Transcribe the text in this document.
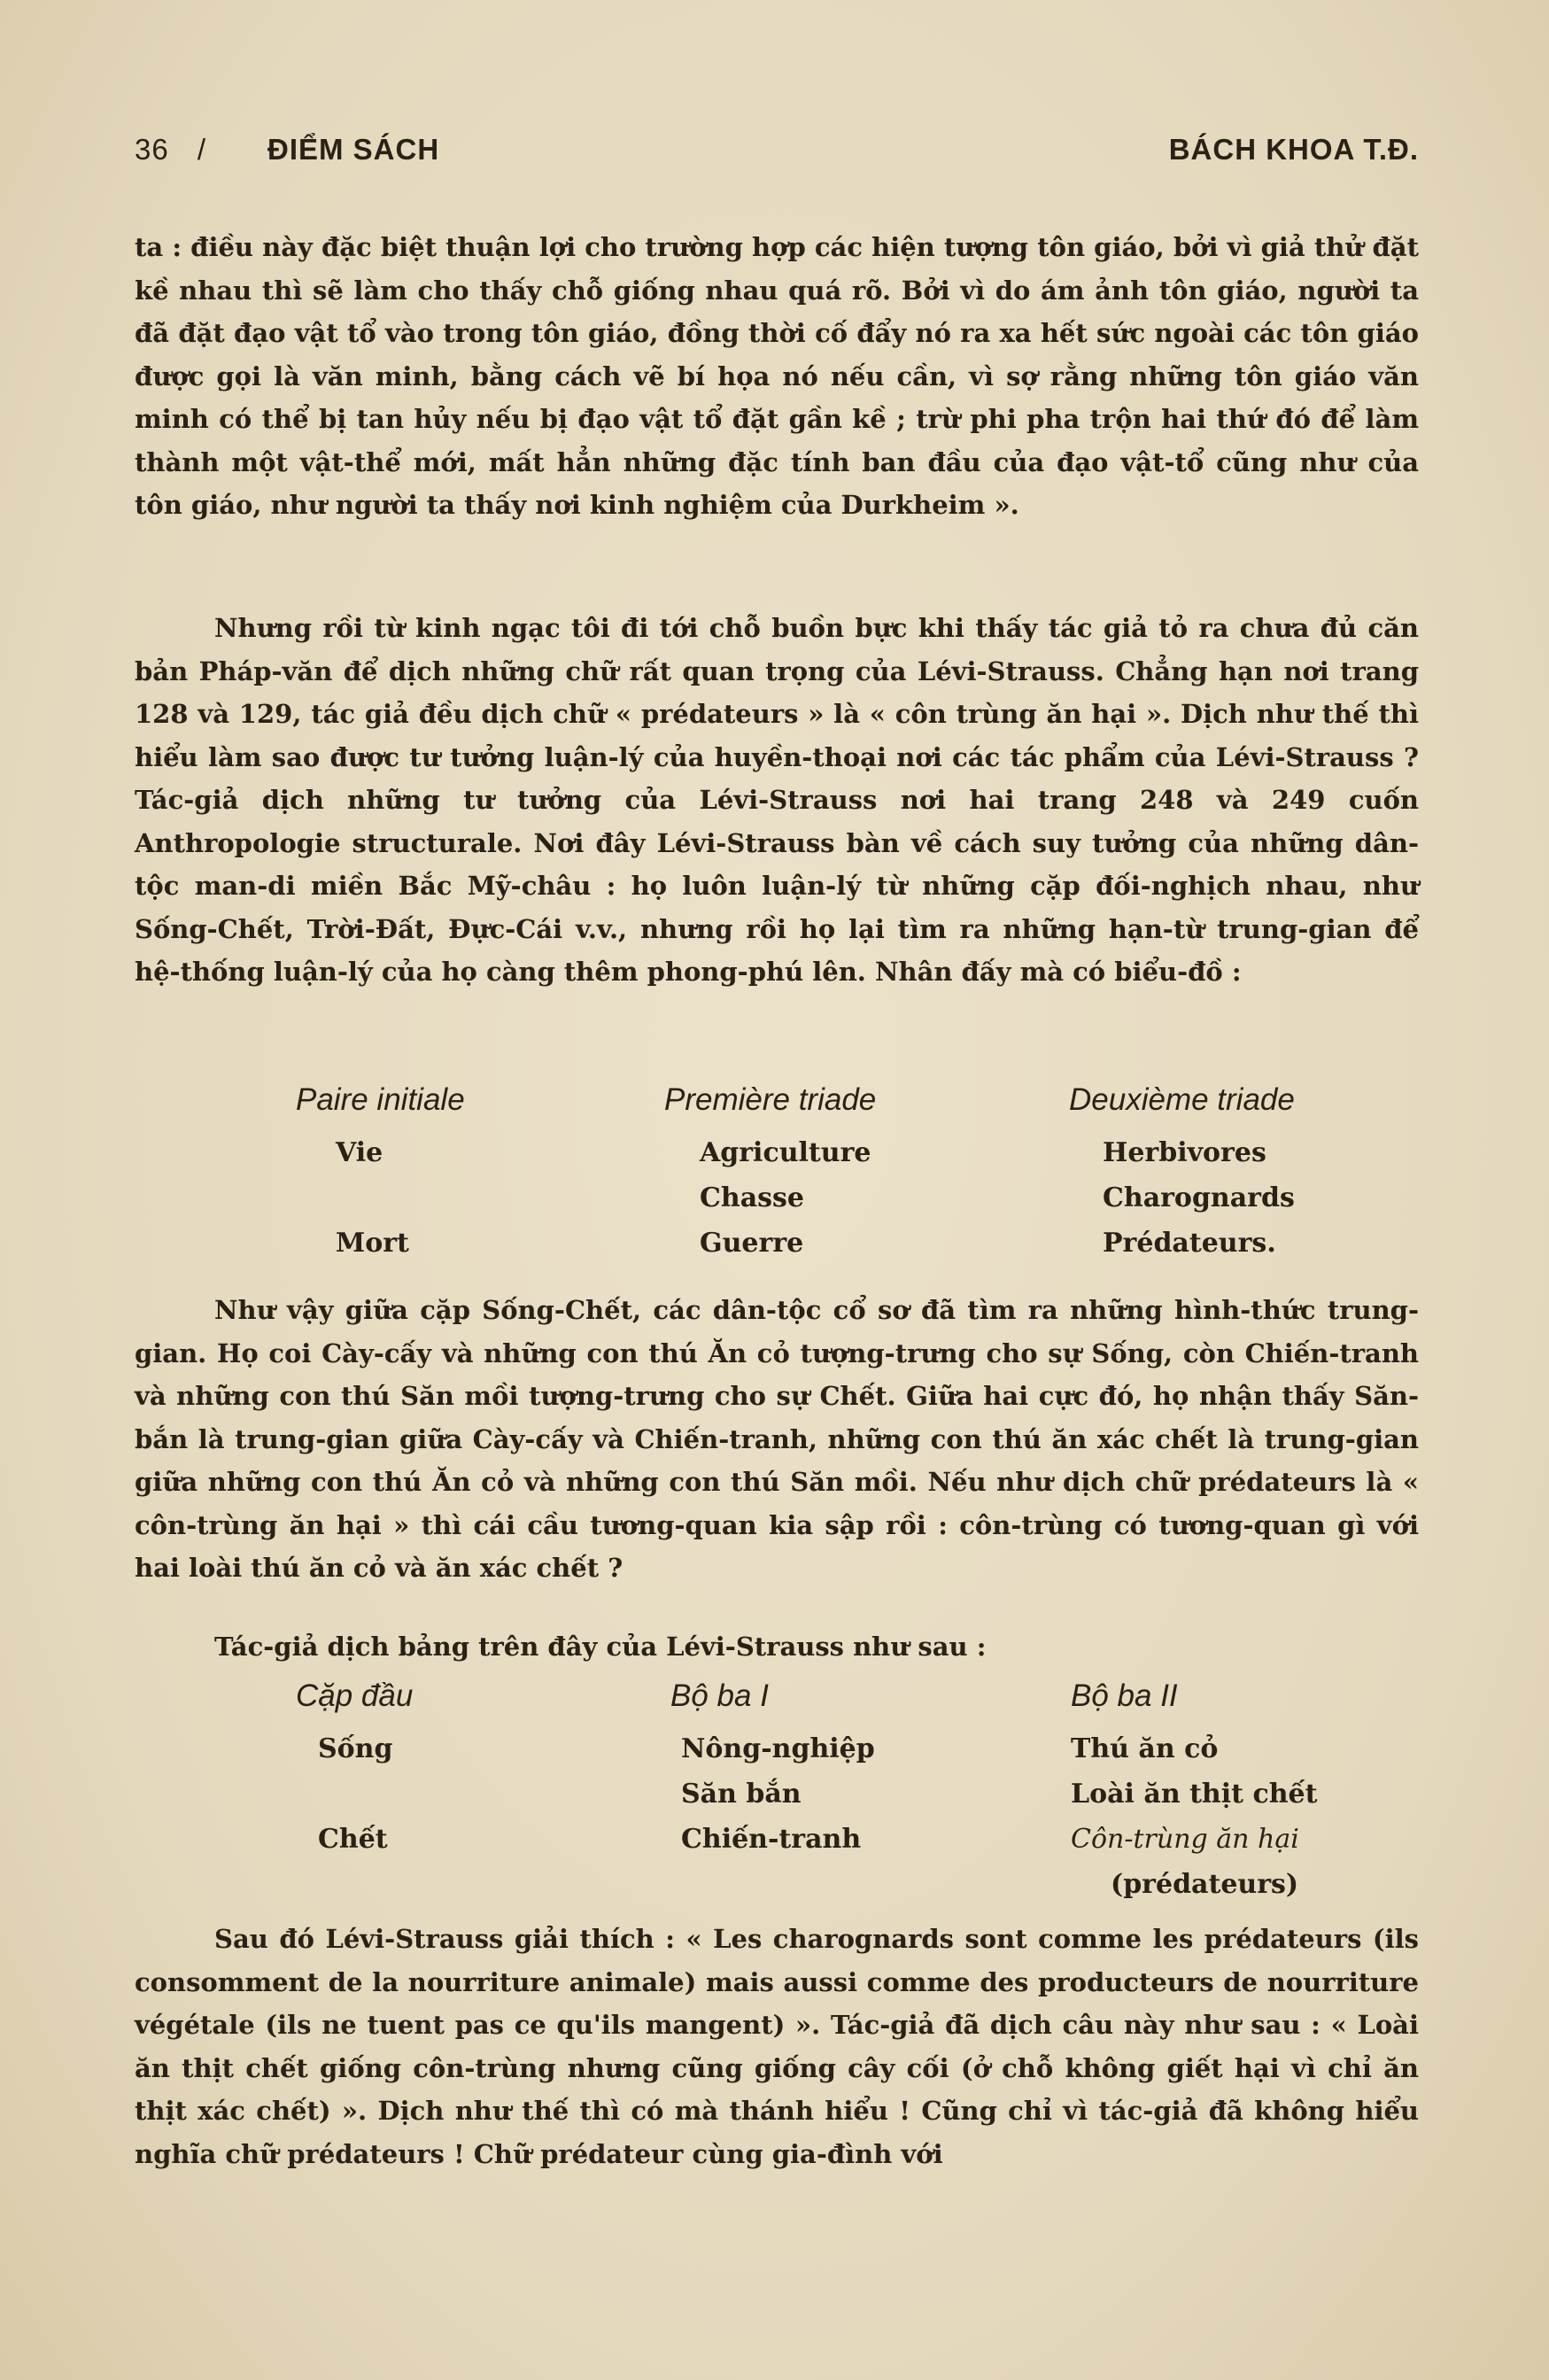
36 / ĐIỂM SÁCH	BÁCH KHOA T.Đ.

ta : điều này đặc biệt thuận lợi cho trường hợp các hiện tượng tôn giáo, bởi vì giả thử đặt kề nhau thì sẽ làm cho thấy chỗ giống nhau quá rõ. Bởi vì do ám ảnh tôn giáo, người ta đã đặt đạo vật tổ vào trong tôn giáo, đồng thời cố đẩy nó ra xa hết sức ngoài các tôn giáo được gọi là văn minh, bằng cách vẽ bí họa nó nếu cần, vì sợ rằng những tôn giáo văn minh có thể bị tan hủy nếu bị đạo vật tổ đặt gần kề ; trừ phi pha trộn hai thứ đó để làm thành một vật-thể mới, mất hẳn những đặc tính ban đầu của đạo vật-tổ cũng như của tôn giáo, như người ta thấy nơi kinh nghiệm của Durkheim ».

Nhưng rồi từ kinh ngạc tôi đi tới chỗ buồn bực khi thấy tác giả tỏ ra chưa đủ căn bản Pháp-văn để dịch những chữ rất quan trọng của Lévi-Strauss. Chẳng hạn nơi trang 128 và 129, tác giả đều dịch chữ « prédateurs » là « côn trùng ăn hại ». Dịch như thế thì hiểu làm sao được tư tưởng luận-lý của huyền-thoại nơi các tác phẩm của Lévi-Strauss ? Tác-giả dịch những tư tưởng của Lévi-Strauss nơi hai trang 248 và 249 cuốn Anthropologie structurale. Nơi đây Lévi-Strauss bàn về cách suy tưởng của những dân-tộc man-di miền Bắc Mỹ-châu : họ luôn luận-lý từ những cặp đối-nghịch nhau, như Sống-Chết, Trời-Đất, Đực-Cái v.v., nhưng rồi họ lại tìm ra những hạn-từ trung-gian để hệ-thống luận-lý của họ càng thêm phong-phú lên. Nhân đấy mà có biểu-đồ :

Paire initiale
Vie
Mort
Première triade
Agriculture
Chasse
Guerre
Deuxième triade
Herbivores
Charognards
Prédateurs.

Như vậy giữa cặp Sống-Chết, các dân-tộc cổ sơ đã tìm ra những hình-thức trung-gian. Họ coi Cày-cấy và những con thú Ăn cỏ tượng-trưng cho sự Sống, còn Chiến-tranh và những con thú Săn mồi tượng-trưng cho sự Chết. Giữa hai cực đó, họ nhận thấy Săn-bắn là trung-gian giữa Cày-cấy và Chiến-tranh, những con thú ăn xác chết là trung-gian giữa những con thú Ăn cỏ và những con thú Săn mồi. Nếu như dịch chữ prédateurs là « côn-trùng ăn hại » thì cái cầu tương-quan kia sập rồi : côn-trùng có tương-quan gì với hai loài thú ăn cỏ và ăn xác chết ?

Tác-giả dịch bảng trên đây của Lévi-Strauss như sau :

Cặp đầu
Sống
Chết
Bộ ba I
Nông-nghiệp
Săn bắn
Chiến-tranh
Bộ ba II
Thú ăn cỏ
Loài ăn thịt chết
Côn-trùng ăn hại
(prédateurs)

Sau đó Lévi-Strauss giải thích : « Les charognards sont comme les prédateurs (ils consomment de la nourriture animale) mais aussi comme des producteurs de nourriture végétale (ils ne tuent pas ce qu'ils mangent) ». Tác-giả đã dịch câu này như sau : « Loài ăn thịt chết giống côn-trùng nhưng cũng giống cây cối (ở chỗ không giết hại vì chỉ ăn thịt xác chết) ». Dịch như thế thì có mà thánh hiểu ! Cũng chỉ vì tác-giả đã không hiểu nghĩa chữ prédateurs ! Chữ prédateur cùng gia-đình với
